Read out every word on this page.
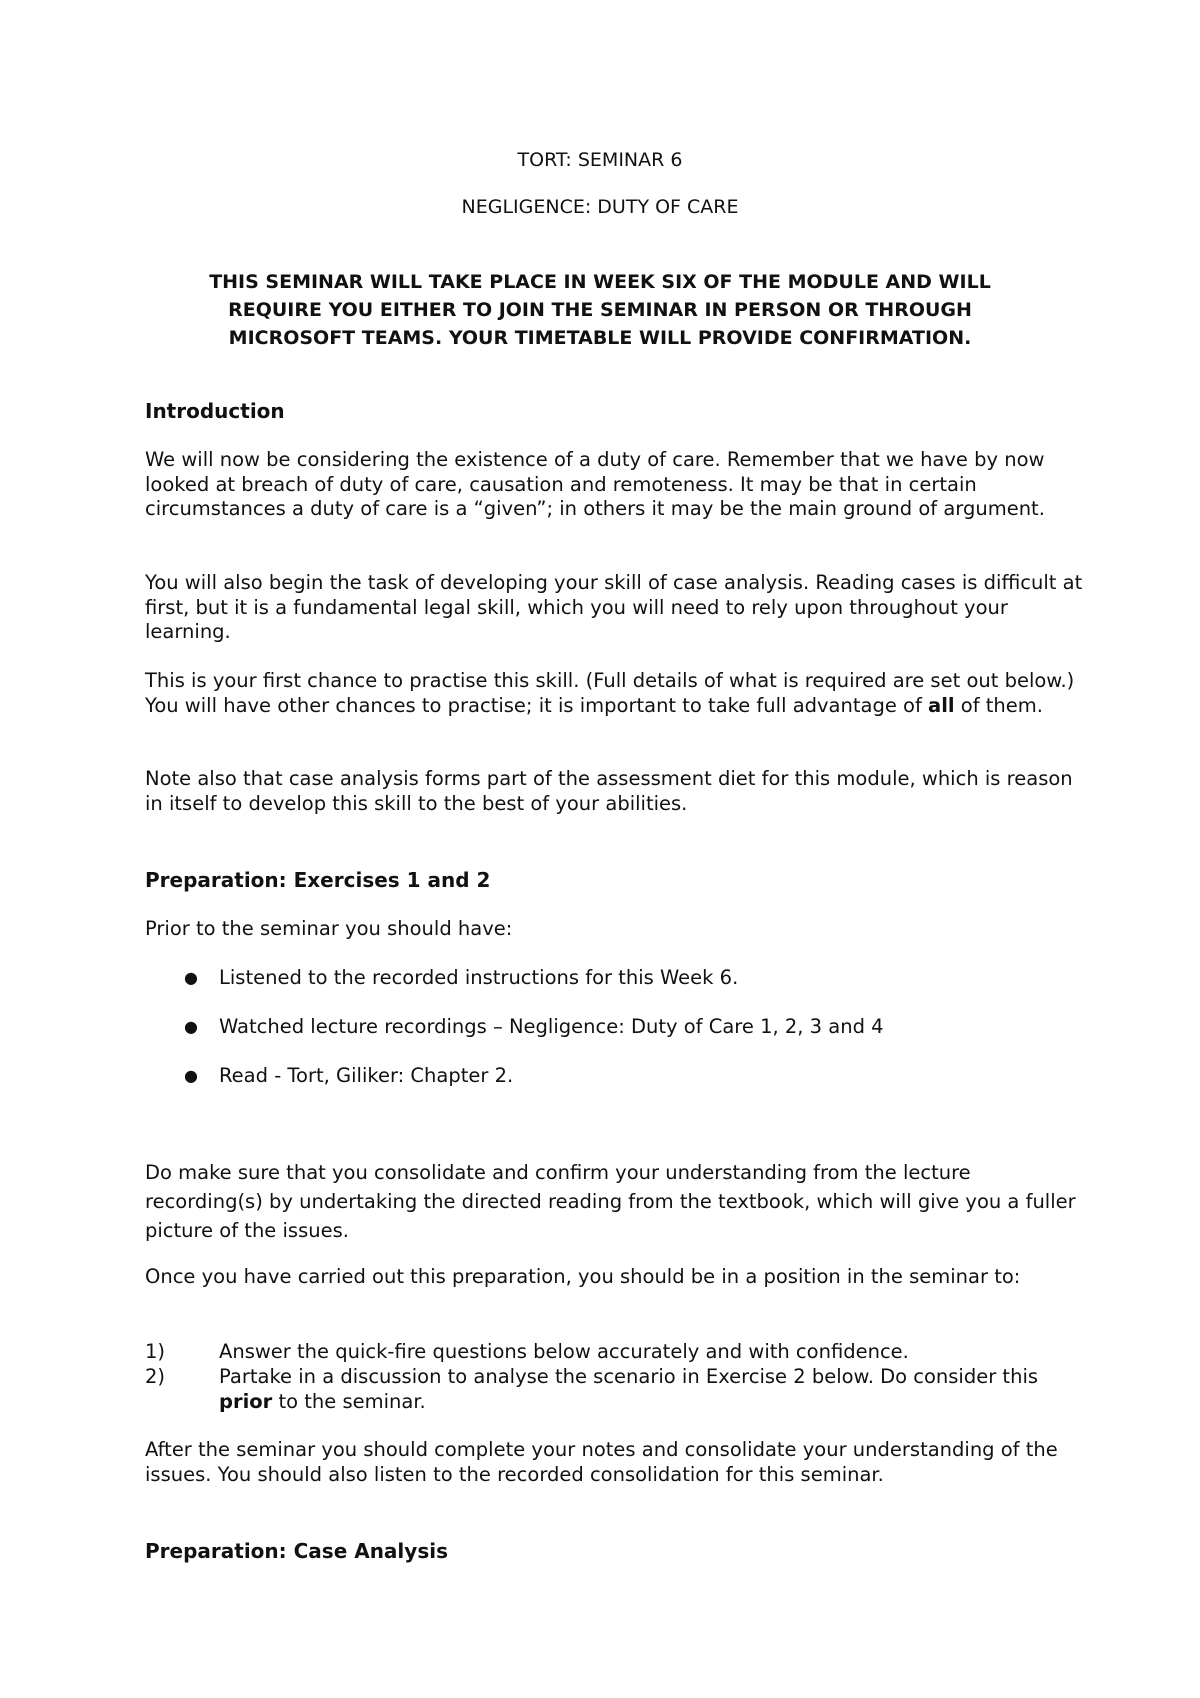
TORT: SEMINAR 6
NEGLIGENCE: DUTY OF CARE
THIS SEMINAR WILL TAKE PLACE IN WEEK SIX OF THE MODULE AND WILL REQUIRE YOU EITHER TO JOIN THE SEMINAR IN PERSON OR THROUGH MICROSOFT TEAMS. YOUR TIMETABLE WILL PROVIDE CONFIRMATION.
Introduction

We will now be considering the existence of a duty of care. Remember that we have by now looked at breach of duty of care, causation and remoteness. It may be that in certain circumstances a duty of care is a “given”; in others it may be the main ground of argument.

You will also begin the task of developing your skill of case analysis. Reading cases is difficult at first, but it is a fundamental legal skill, which you will need to rely upon throughout your learning.

This is your first chance to practise this skill. (Full details of what is required are set out below.) You will have other chances to practise; it is important to take full advantage of all of them.

Note also that case analysis forms part of the assessment diet for this module, which is reason in itself to develop this skill to the best of your abilities.

Preparation: Exercises 1 and 2

Prior to the seminar you should have:

● Listened to the recorded instructions for this Week 6.
● Watched lecture recordings – Negligence: Duty of Care 1, 2, 3 and 4
● Read - Tort, Giliker: Chapter 2.

Do make sure that you consolidate and confirm your understanding from the lecture recording(s) by undertaking the directed reading from the textbook, which will give you a fuller picture of the issues.

Once you have carried out this preparation, you should be in a position in the seminar to:

1)	Answer the quick-fire questions below accurately and with confidence.
2)	Partake in a discussion to analyse the scenario in Exercise 2 below. Do consider this prior to the seminar.

After the seminar you should complete your notes and consolidate your understanding of the issues. You should also listen to the recorded consolidation for this seminar.

Preparation: Case Analysis
